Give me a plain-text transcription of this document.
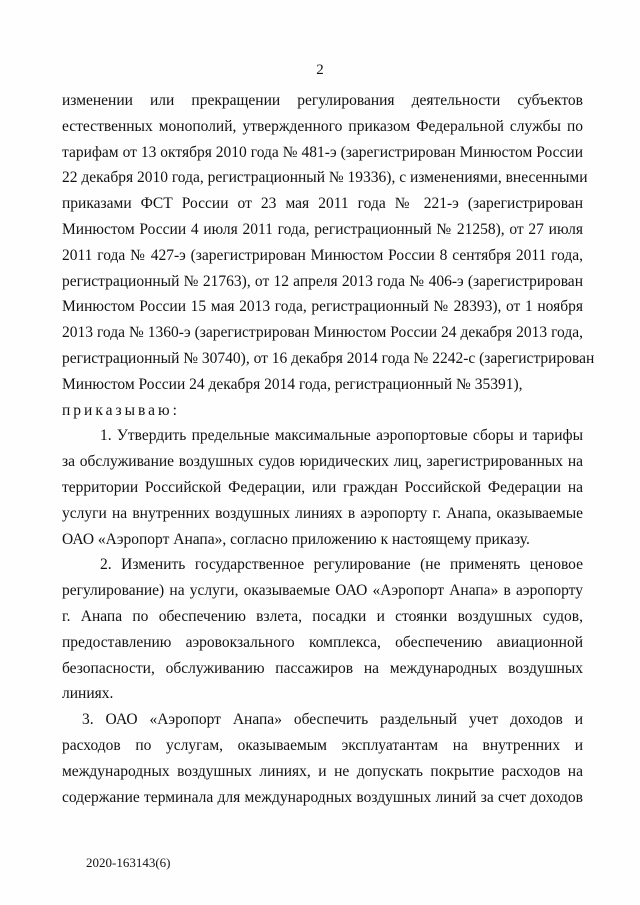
2
изменении или прекращении регулирования деятельности субъектов
естественных монополий, утвержденного приказом Федеральной службы по
тарифам от 13 октября 2010 года № 481-э (зарегистрирован Минюстом России
22 декабря 2010 года, регистрационный № 19336), с изменениями, внесенными
приказами ФСТ России от 23 мая 2011 года № 221-э (зарегистрирован
Минюстом России 4 июля 2011 года, регистрационный № 21258), от 27 июля
2011 года № 427-э (зарегистрирован Минюстом России 8 сентября 2011 года,
регистрационный № 21763), от 12 апреля 2013 года № 406-э (зарегистрирован
Минюстом России 15 мая 2013 года, регистрационный № 28393), от 1 ноября
2013 года № 1360-э (зарегистрирован Минюстом России 24 декабря 2013 года,
регистрационный № 30740), от 16 декабря 2014 года № 2242-с (зарегистрирован
Минюстом России 24 декабря 2014 года, регистрационный № 35391),
приказываю:
1. Утвердить предельные максимальные аэропортовые сборы и тарифы
за обслуживание воздушных судов юридических лиц, зарегистрированных на
территории Российской Федерации, или граждан Российской Федерации на
услуги на внутренних воздушных линиях в аэропорту г. Анапа, оказываемые
ОАО «Аэропорт Анапа», согласно приложению к настоящему приказу.
2. Изменить государственное регулирование (не применять ценовое
регулирование) на услуги, оказываемые ОАО «Аэропорт Анапа» в аэропорту
г. Анапа по обеспечению взлета, посадки и стоянки воздушных судов,
предоставлению аэровокзального комплекса, обеспечению авиационной
безопасности, обслуживанию пассажиров на международных воздушных
линиях.
3. ОАО «Аэропорт Анапа» обеспечить раздельный учет доходов и
расходов по услугам, оказываемым эксплуатантам на внутренних и
международных воздушных линиях, и не допускать покрытие расходов на
содержание терминала для международных воздушных линий за счет доходов
2020-163143(6)
